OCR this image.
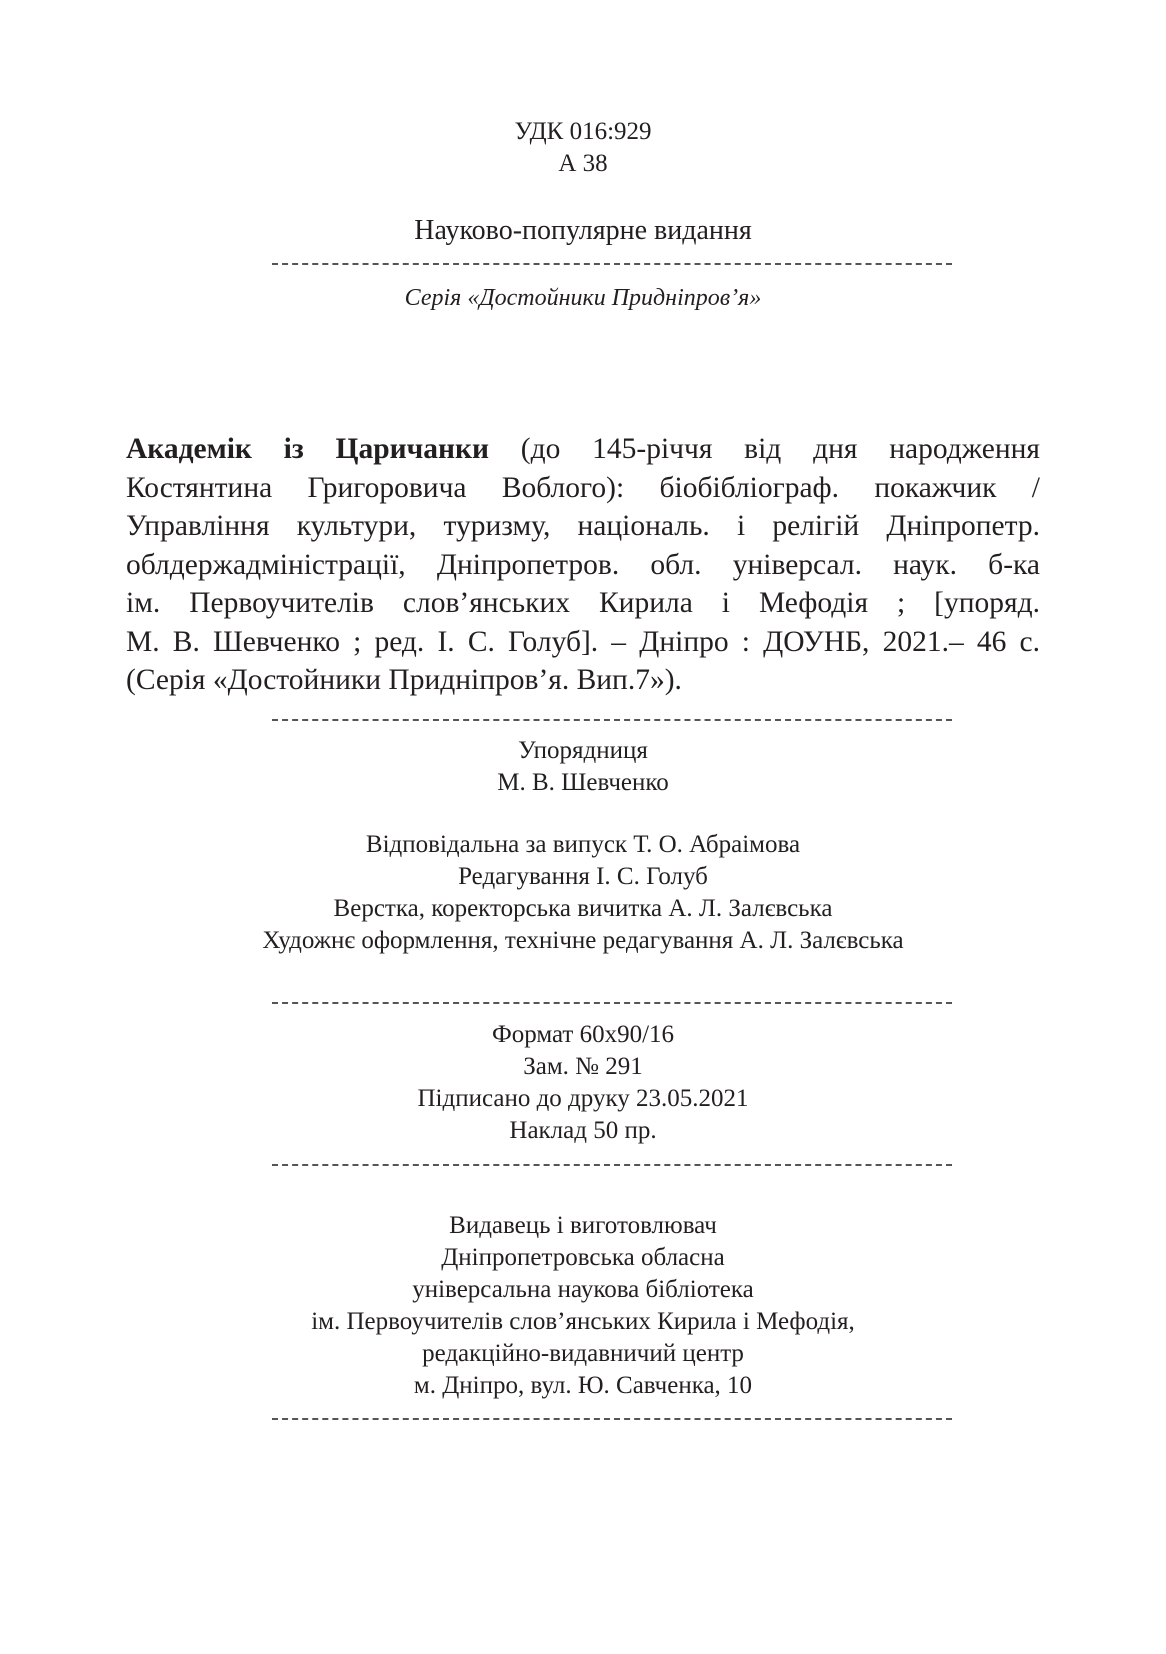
УДК 016:929
А 38
Науково-популярне видання
Серія «Достойники Придніпров’я»
Академік із Царичанки (до 145-річчя від дня народження
Костянтина Григоровича Воблого): біобібліограф. покажчик /
Управління культури, туризму, національ. і релігій Дніпропетр.
облдержадміністрації, Дніпропетров. обл. універсал. наук. б-ка
ім. Первоучителів слов’янських Кирила і Мефодія ; [упоряд.
М. В. Шевченко ; ред. І. С. Голуб]. – Дніпро : ДОУНБ, 2021.– 46 с.
(Серія «Достойники Придніпров’я. Вип.7»).
Упорядниця
М. В. Шевченко
Відповідальна за випуск Т. О. Абраімова
Редагування І. С. Голуб
Верстка, коректорська вичитка А. Л. Залєвська
Художнє оформлення, технічне редагування А. Л. Залєвська
Формат 60x90/16
Зам. № 291
Підписано до друку 23.05.2021
Наклад 50 пр.
Видавець і виготовлювач
Дніпропетровська обласна
універсальна наукова бібліотека
ім. Первоучителів слов’янських Кирила і Мефодія,
редакційно-видавничий центр
м. Дніпро, вул. Ю. Савченка, 10
